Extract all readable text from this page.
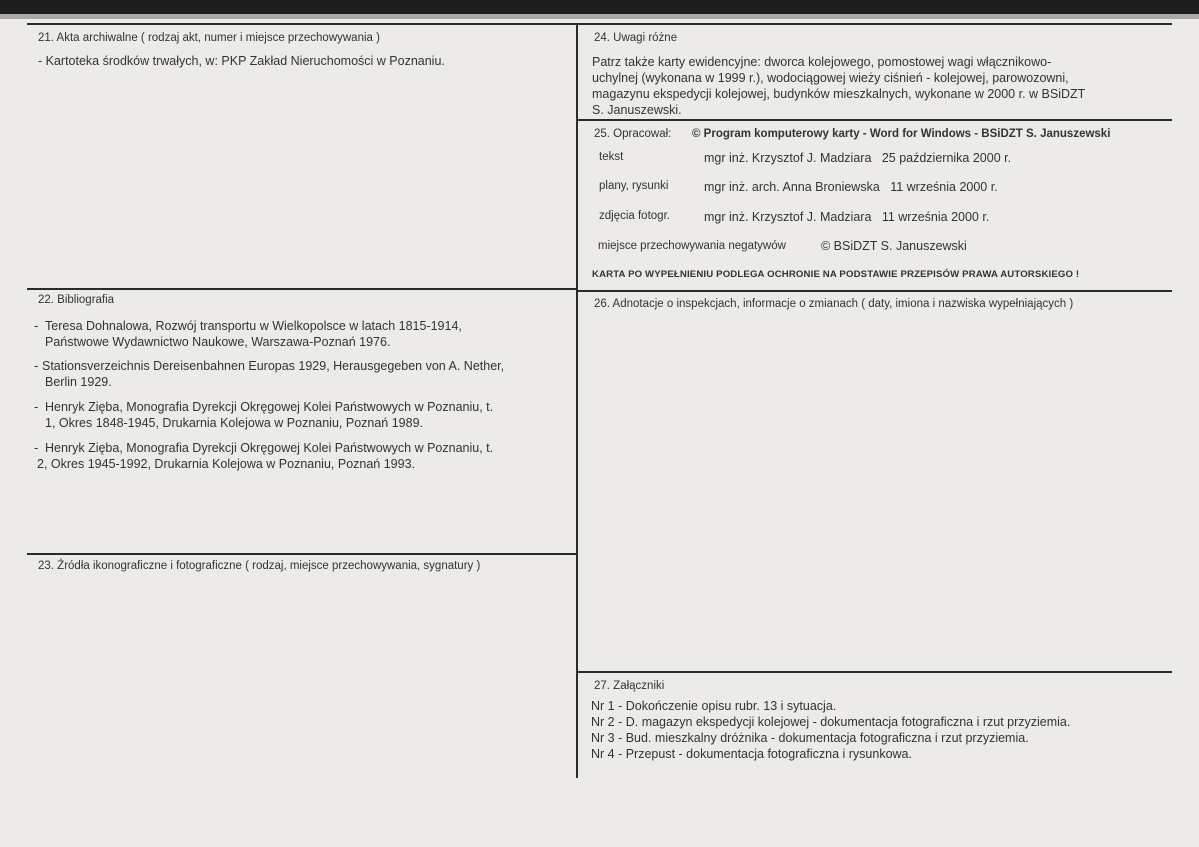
21. Akta archiwalne ( rodzaj akt, numer i miejsce przechowywania )
- Kartoteka środków trwałych, w: PKP Zakład Nieruchomości w Poznaniu.
22. Bibliografia
- Teresa Dohnalowa, Rozwój transportu w Wielkopolsce w latach 1815-1914,
Państwowe Wydawnictwo Naukowe, Warszawa-Poznań 1976.
- Stationsverzeichnis Dereisenbahnen Europas 1929, Herausgegeben von A. Nether,
Berlin 1929.
- Henryk Zięba, Monografia Dyrekcji Okręgowej Kolei Państwowych w Poznaniu, t.
1, Okres 1848-1945, Drukarnia Kolejowa w Poznaniu, Poznań 1989.
- Henryk Zięba, Monografia Dyrekcji Okręgowej Kolei Państwowych w Poznaniu, t.
2, Okres 1945-1992, Drukarnia Kolejowa w Poznaniu, Poznań 1993.
23. Źródła ikonograficzne i fotograficzne ( rodzaj, miejsce przechowywania, sygnatury )
24. Uwagi różne
Patrz także karty ewidencyjne: dworca kolejowego, pomostowej wagi włącznikowo-
uchylnej (wykonana w 1999 r.), wodociągowej wieży ciśnień - kolejowej, parowozowni,
magazynu ekspedycji kolejowej, budynków mieszkalnych, wykonane w 2000 r. w BSiDZT
S. Januszewski.
25. Opracował: © Program komputerowy karty - Word for Windows - BSiDZT S. Januszewski
tekst	mgr inż. Krzysztof J. Madziara   25 października 2000 r.
plany, rysunki	mgr inż. arch. Anna Broniewska   11 września 2000 r.
zdjęcia fotogr.	mgr inż. Krzysztof J. Madziara   11 września 2000 r.
miejsce przechowywania negatywów	© BSiDZT S. Januszewski
KARTA PO WYPEŁNIENIU PODLEGA OCHRONIE NA PODSTAWIE PRZEPISÓW PRAWA AUTORSKIEGO !
26. Adnotacje o inspekcjach, informacje o zmianach ( daty, imiona i nazwiska wypełniających )
27. Załączniki
Nr 1 - Dokończenie opisu rubr. 13 i sytuacja.
Nr 2 - D. magazyn ekspedycji kolejowej - dokumentacja fotograficzna i rzut przyziemia.
Nr 3 - Bud. mieszkalny dróżnika - dokumentacja fotograficzna i rzut przyziemia.
Nr 4 - Przepust - dokumentacja fotograficzna i rysunkowa.
